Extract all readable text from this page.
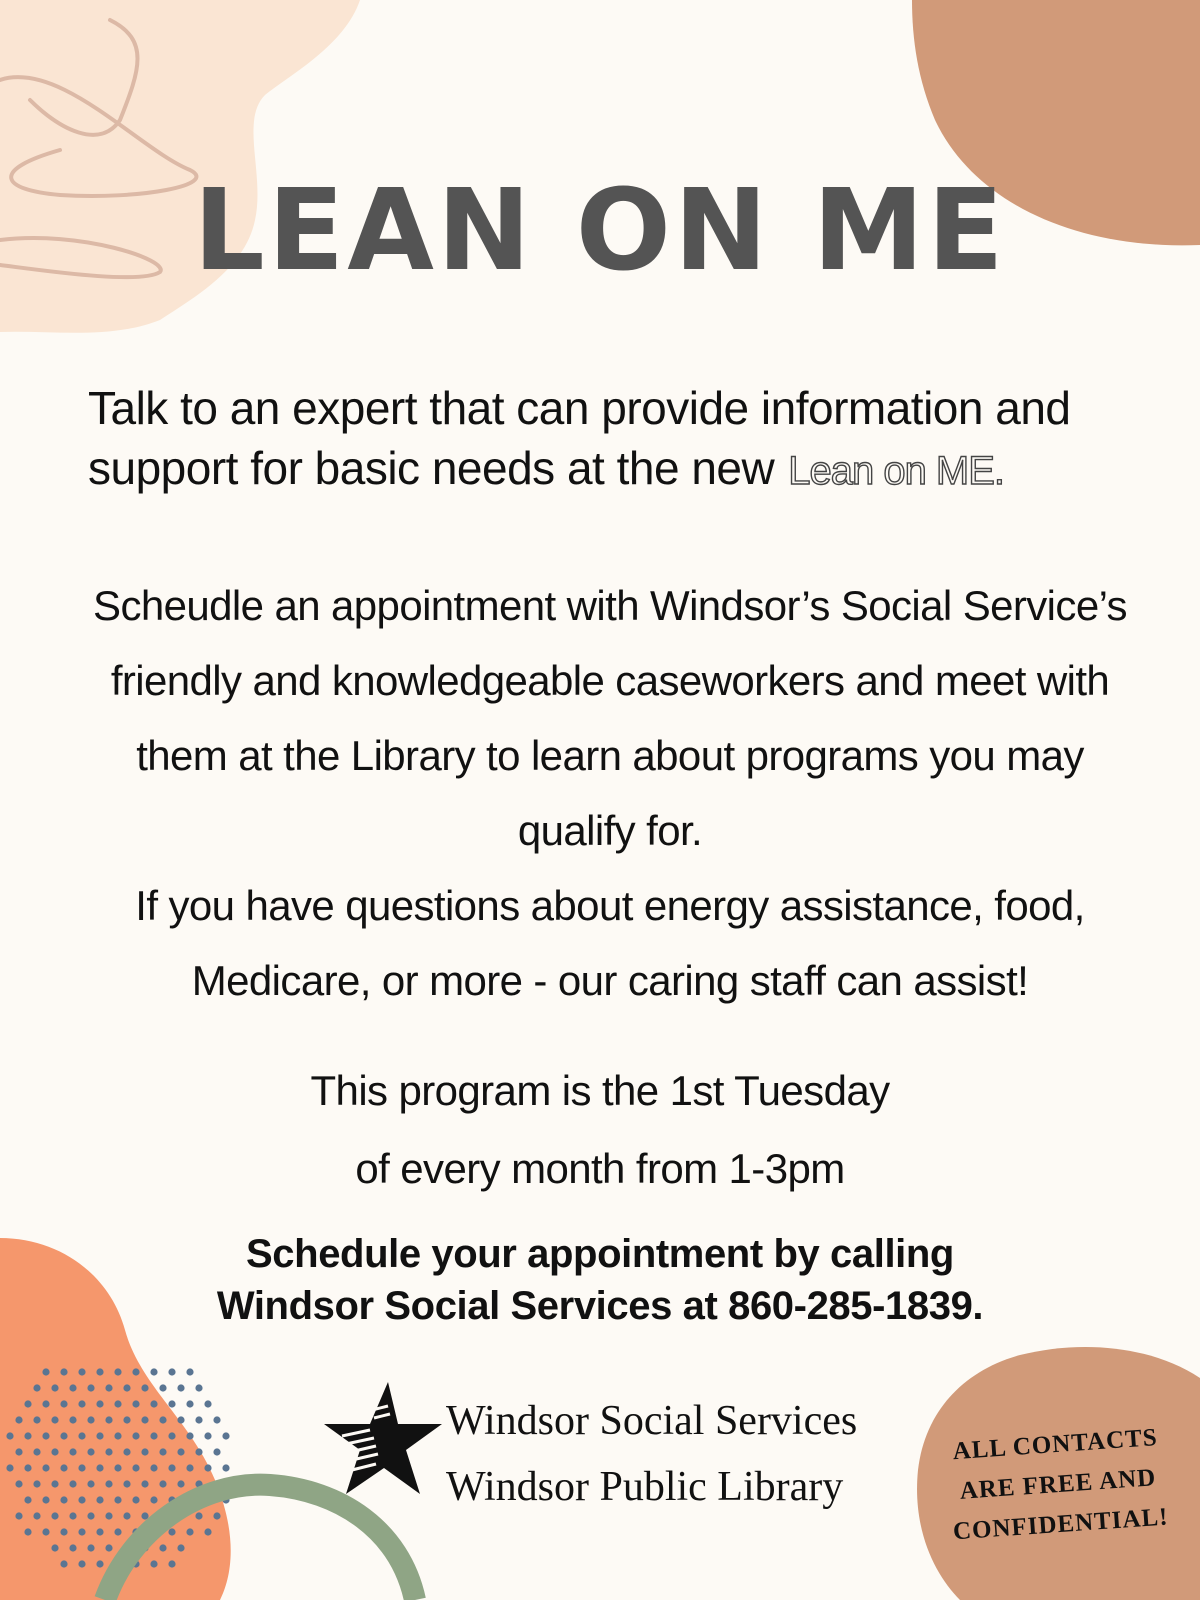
LEAN ON ME
Talk to an expert that can provide information and
support for basic needs at the new Lean on ME.

Scheudle an appointment with Windsor’s Social Service’s

friendly and knowledgeable caseworkers and meet with

them at the Library to learn about programs you may

qualify for.

If you have questions about energy assistance, food,

Medicare, or more - our caring staff can assist!

This program is the 1st Tuesday

of every month from 1-3pm

Schedule your appointment by calling

Windsor Social Services at 860-285-1839.

Windsor Social Services
Windsor Public Library
ALL CONTACTS
ARE FREE AND
CONFIDENTIAL!
